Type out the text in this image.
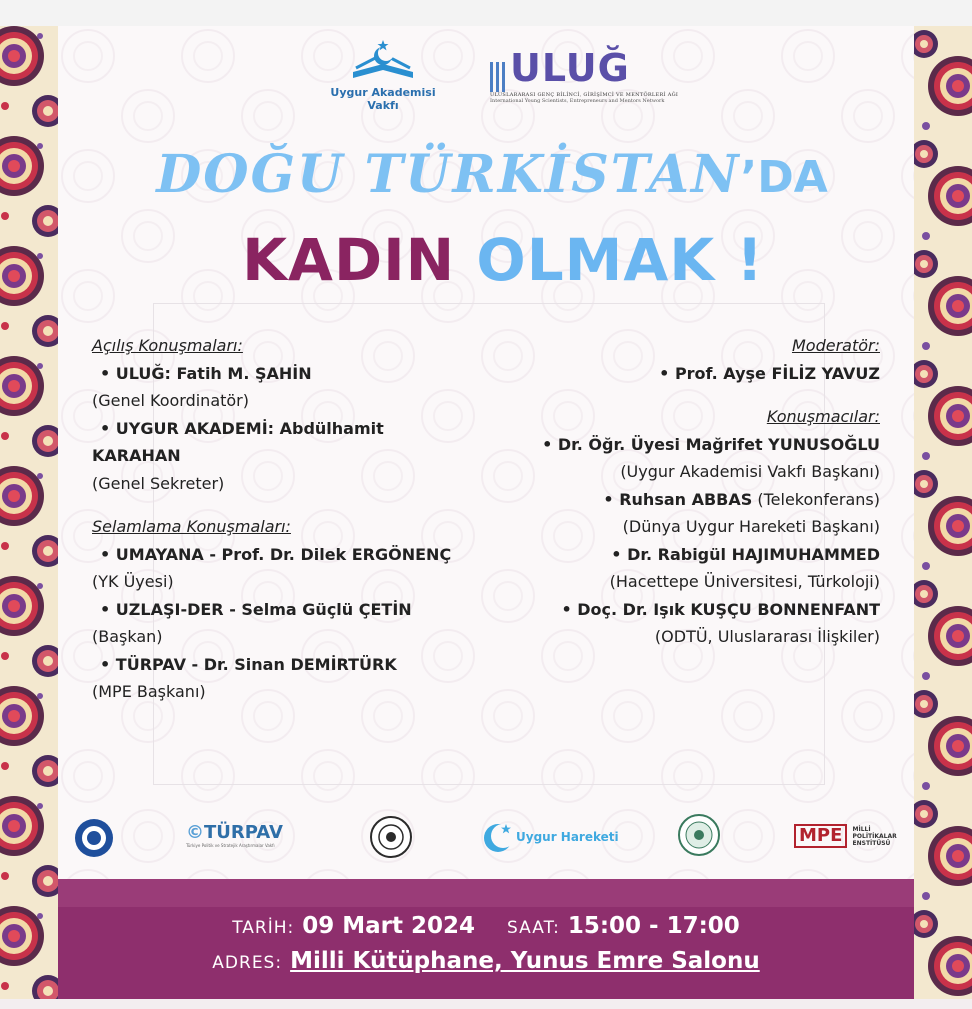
Uygur Akademisi
Vakfı
ULUĞ
ULUSLARARASI GENÇ BİLİNCİ, GİRİŞİMCİ VE MENTÖRLERİ AĞI
International Young Scientists, Entrepreneurs and Mentors Network
DOĞU TÜRKİSTAN’DA
KADIN OLMAK !
Açılış Konuşmaları:
• ULUĞ: Fatih M. ŞAHİN
(Genel Koordinatör)
• UYGUR AKADEMİ: Abdülhamit
KARAHAN
(Genel Sekreter)
Selamlama Konuşmaları:
• UMAYANA - Prof. Dr. Dilek ERGÖNENÇ
(YK Üyesi)
• UZLAŞI-DER - Selma Güçlü ÇETİN
(Başkan)
• TÜRPAV - Dr. Sinan DEMİRTÜRK
(MPE Başkanı)
Moderatör:
• Prof. Ayşe FİLİZ YAVUZ
Konuşmacılar:
• Dr. Öğr. Üyesi Mağrifet YUNUSOĞLU
(Uygur Akademisi Vakfı Başkanı)
• Ruhsan ABBAS (Telekonferans)
(Dünya Uygur Hareketi Başkanı)
• Dr. Rabigül HAJIMUHAMMED
(Hacettepe Üniversitesi, Türkoloji)
• Doç. Dr. Işık KUŞÇU BONNENFANT
(ODTÜ, Uluslararası İlişkiler)
©TÜRPAV
Türkiye Politik ve Stratejik Araştırmalar Vakfı
Uygur Hareketi	MPE MİLLİ
POLİTİKALAR
ENSTİTÜSÜ
TARİH: 09 Mart 2024 SAAT: 15:00 - 17:00
ADRES: Milli Kütüphane, Yunus Emre Salonu
